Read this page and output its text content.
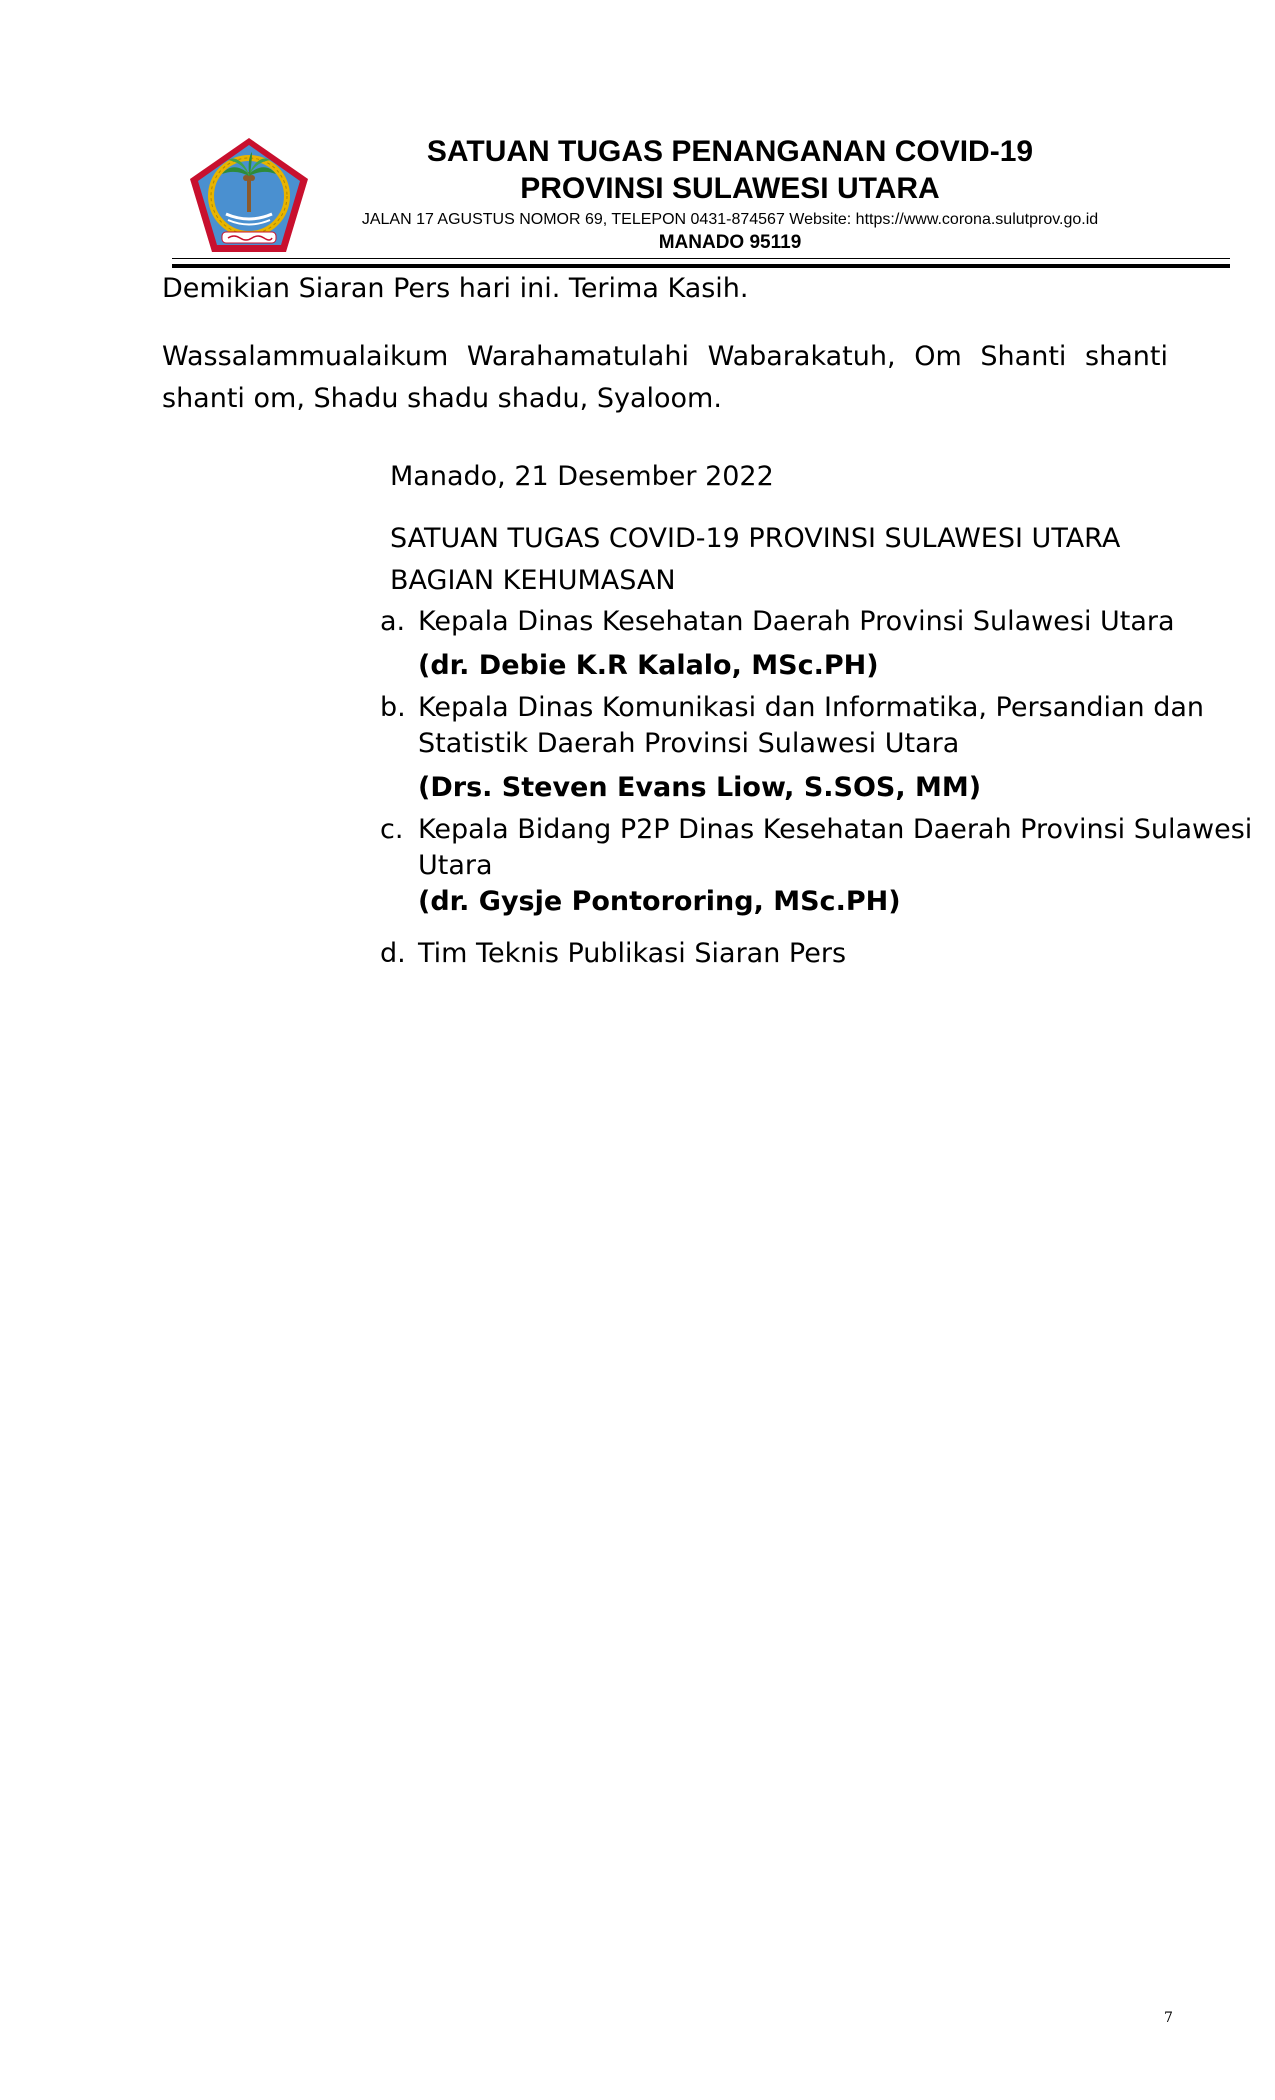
SATUAN TUGAS PENANGANAN COVID-19
PROVINSI SULAWESI UTARA
JALAN 17 AGUSTUS NOMOR 69, TELEPON 0431-874567 Website: https://www.corona.sulutprov.go.id
MANADO 95119
Demikian Siaran Pers hari ini. Terima Kasih.
Wassalammualaikum Warahamatulahi Wabarakatuh, Om Shanti shanti shanti om, Shadu shadu shadu, Syaloom.
Manado, 21 Desember 2022
SATUAN TUGAS COVID-19 PROVINSI SULAWESI UTARA
BAGIAN KEHUMASAN
a. Kepala Dinas Kesehatan Daerah Provinsi Sulawesi Utara
(dr. Debie K.R Kalalo, MSc.PH)
b. Kepala Dinas Komunikasi dan Informatika, Persandian dan
Statistik Daerah Provinsi Sulawesi Utara
(Drs. Steven Evans Liow, S.SOS, MM)
c. Kepala Bidang P2P Dinas Kesehatan Daerah Provinsi Sulawesi
Utara
(dr. Gysje Pontororing, MSc.PH)
d. Tim Teknis Publikasi Siaran Pers
7
